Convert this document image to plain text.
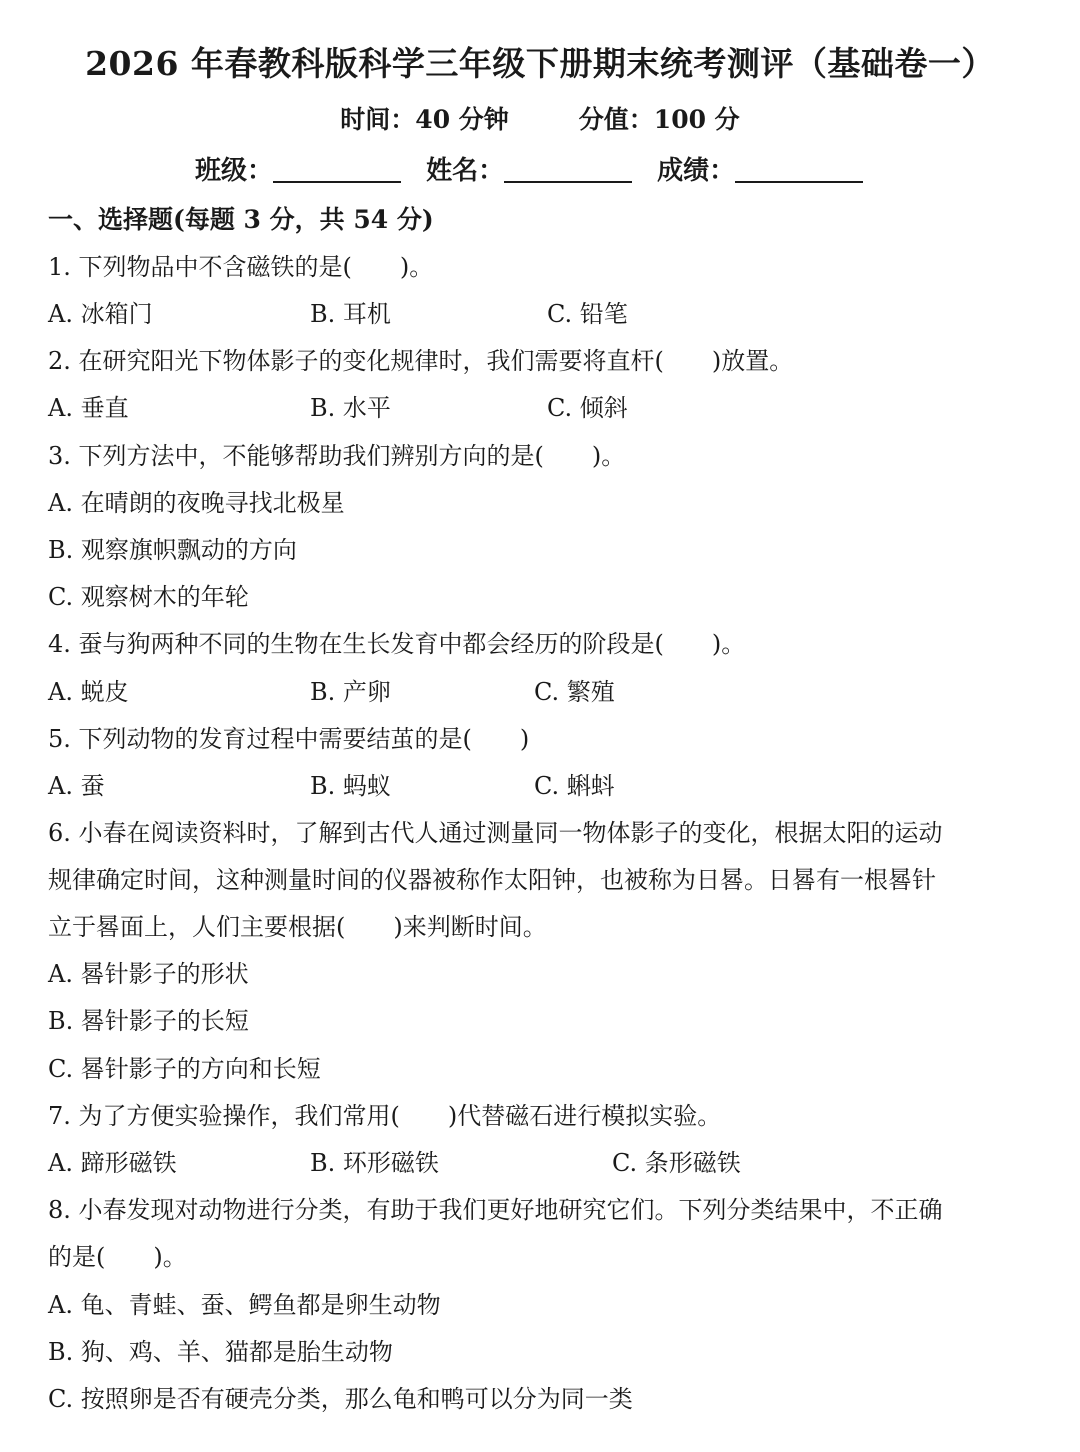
2026 年春教科版科学三年级下册期末统考测评（基础卷一）
时间：40 分钟	分值：100 分
班级：	姓名：	成绩：
一、选择题(每题 3 分，共 54 分)
1. 下列物品中不含磁铁的是(　　)。
A. 冰箱门	B. 耳机	C. 铅笔
2. 在研究阳光下物体影子的变化规律时，我们需要将直杆(　　)放置。
A. 垂直	B. 水平	C. 倾斜
3. 下列方法中，不能够帮助我们辨别方向的是(　　)。
A. 在晴朗的夜晚寻找北极星
B. 观察旗帜飘动的方向
C. 观察树木的年轮
4. 蚕与狗两种不同的生物在生长发育中都会经历的阶段是(　　)。
A. 蜕皮	B. 产卵	C. 繁殖
5. 下列动物的发育过程中需要结茧的是(　　)
A. 蚕	B. 蚂蚁	C. 蝌蚪
6. 小春在阅读资料时，了解到古代人通过测量同一物体影子的变化，根据太阳的运动
规律确定时间，这种测量时间的仪器被称作太阳钟，也被称为日晷。日晷有一根晷针
立于晷面上，人们主要根据(　　)来判断时间。
A. 晷针影子的形状
B. 晷针影子的长短
C. 晷针影子的方向和长短
7. 为了方便实验操作，我们常用(　　)代替磁石进行模拟实验。
A. 蹄形磁铁	B. 环形磁铁	C. 条形磁铁
8. 小春发现对动物进行分类，有助于我们更好地研究它们。下列分类结果中，不正确
的是(　　)。
A. 龟、青蛙、蚕、鳄鱼都是卵生动物
B. 狗、鸡、羊、猫都是胎生动物
C. 按照卵是否有硬壳分类，那么龟和鸭可以分为同一类
